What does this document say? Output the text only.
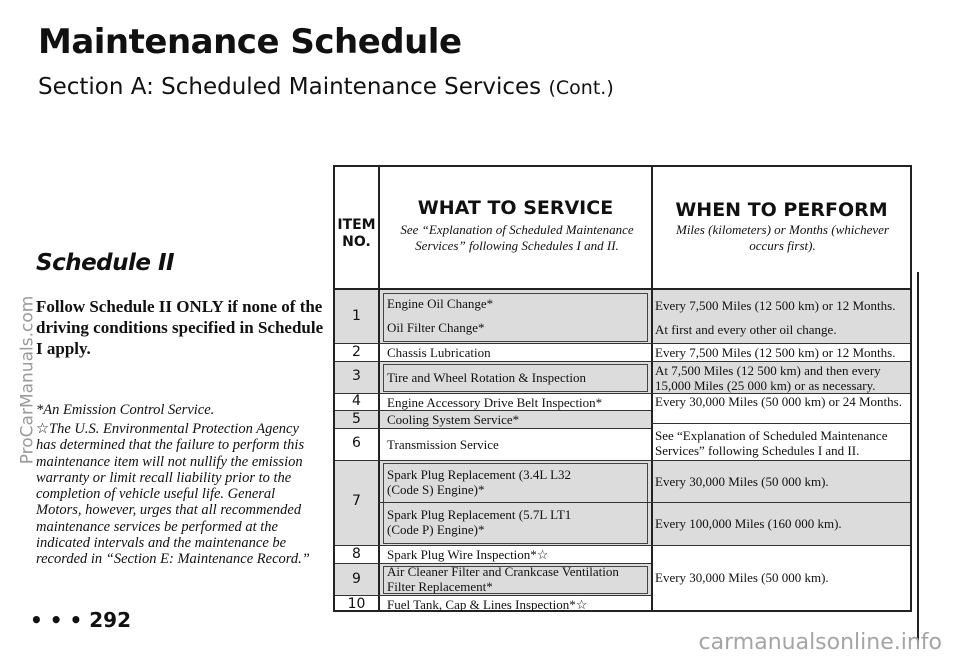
Maintenance Schedule
Section A: Scheduled Maintenance Services (Cont.)
ProCarManuals.com
Schedule II
Follow Schedule II ONLY if none of the driving conditions specified in Schedule I apply.
*An Emission Control Service.
☆The U.S. Environmental Protection Agency has determined that the failure to perform this maintenance item will not nullify the emission warranty or limit recall liability prior to the completion of vehicle useful life. General Motors, however, urges that all recommended maintenance services be performed at the indicated intervals and the maintenance be recorded in “Section E: Maintenance Record.”
• • • 292
ITEM
NO.
WHAT TO SERVICE
See “Explanation of Scheduled Maintenance Services” following Schedules I and II.
WHEN TO PERFORM
Miles (kilometers) or Months (whichever occurs first).
1
2
3
4
5
6
7
8
9
10
Engine Oil Change*
Oil Filter Change*
Chassis Lubrication
Tire and Wheel Rotation & Inspection
Engine Accessory Drive Belt Inspection*
Cooling System Service*
Transmission Service
Spark Plug Replacement (3.4L L32 (Code S) Engine)*
Spark Plug Replacement (5.7L LT1 (Code P) Engine)*
Spark Plug Wire Inspection*☆
Air Cleaner Filter and Crankcase Ventilation Filter Replacement*
Fuel Tank, Cap & Lines Inspection*☆
Every 7,500 Miles (12 500 km) or 12 Months.
At first and every other oil change.
Every 7,500 Miles (12 500 km) or 12 Months.
At 7,500 Miles (12 500 km) and then every 15,000 Miles (25 000 km) or as necessary.
Every 30,000 Miles (50 000 km) or 24 Months.
See “Explanation of Scheduled Maintenance Services” following Schedules I and II.
Every 30,000 Miles (50 000 km).
Every 100,000 Miles (160 000 km).
Every 30,000 Miles (50 000 km).
carmanualsonline.info
